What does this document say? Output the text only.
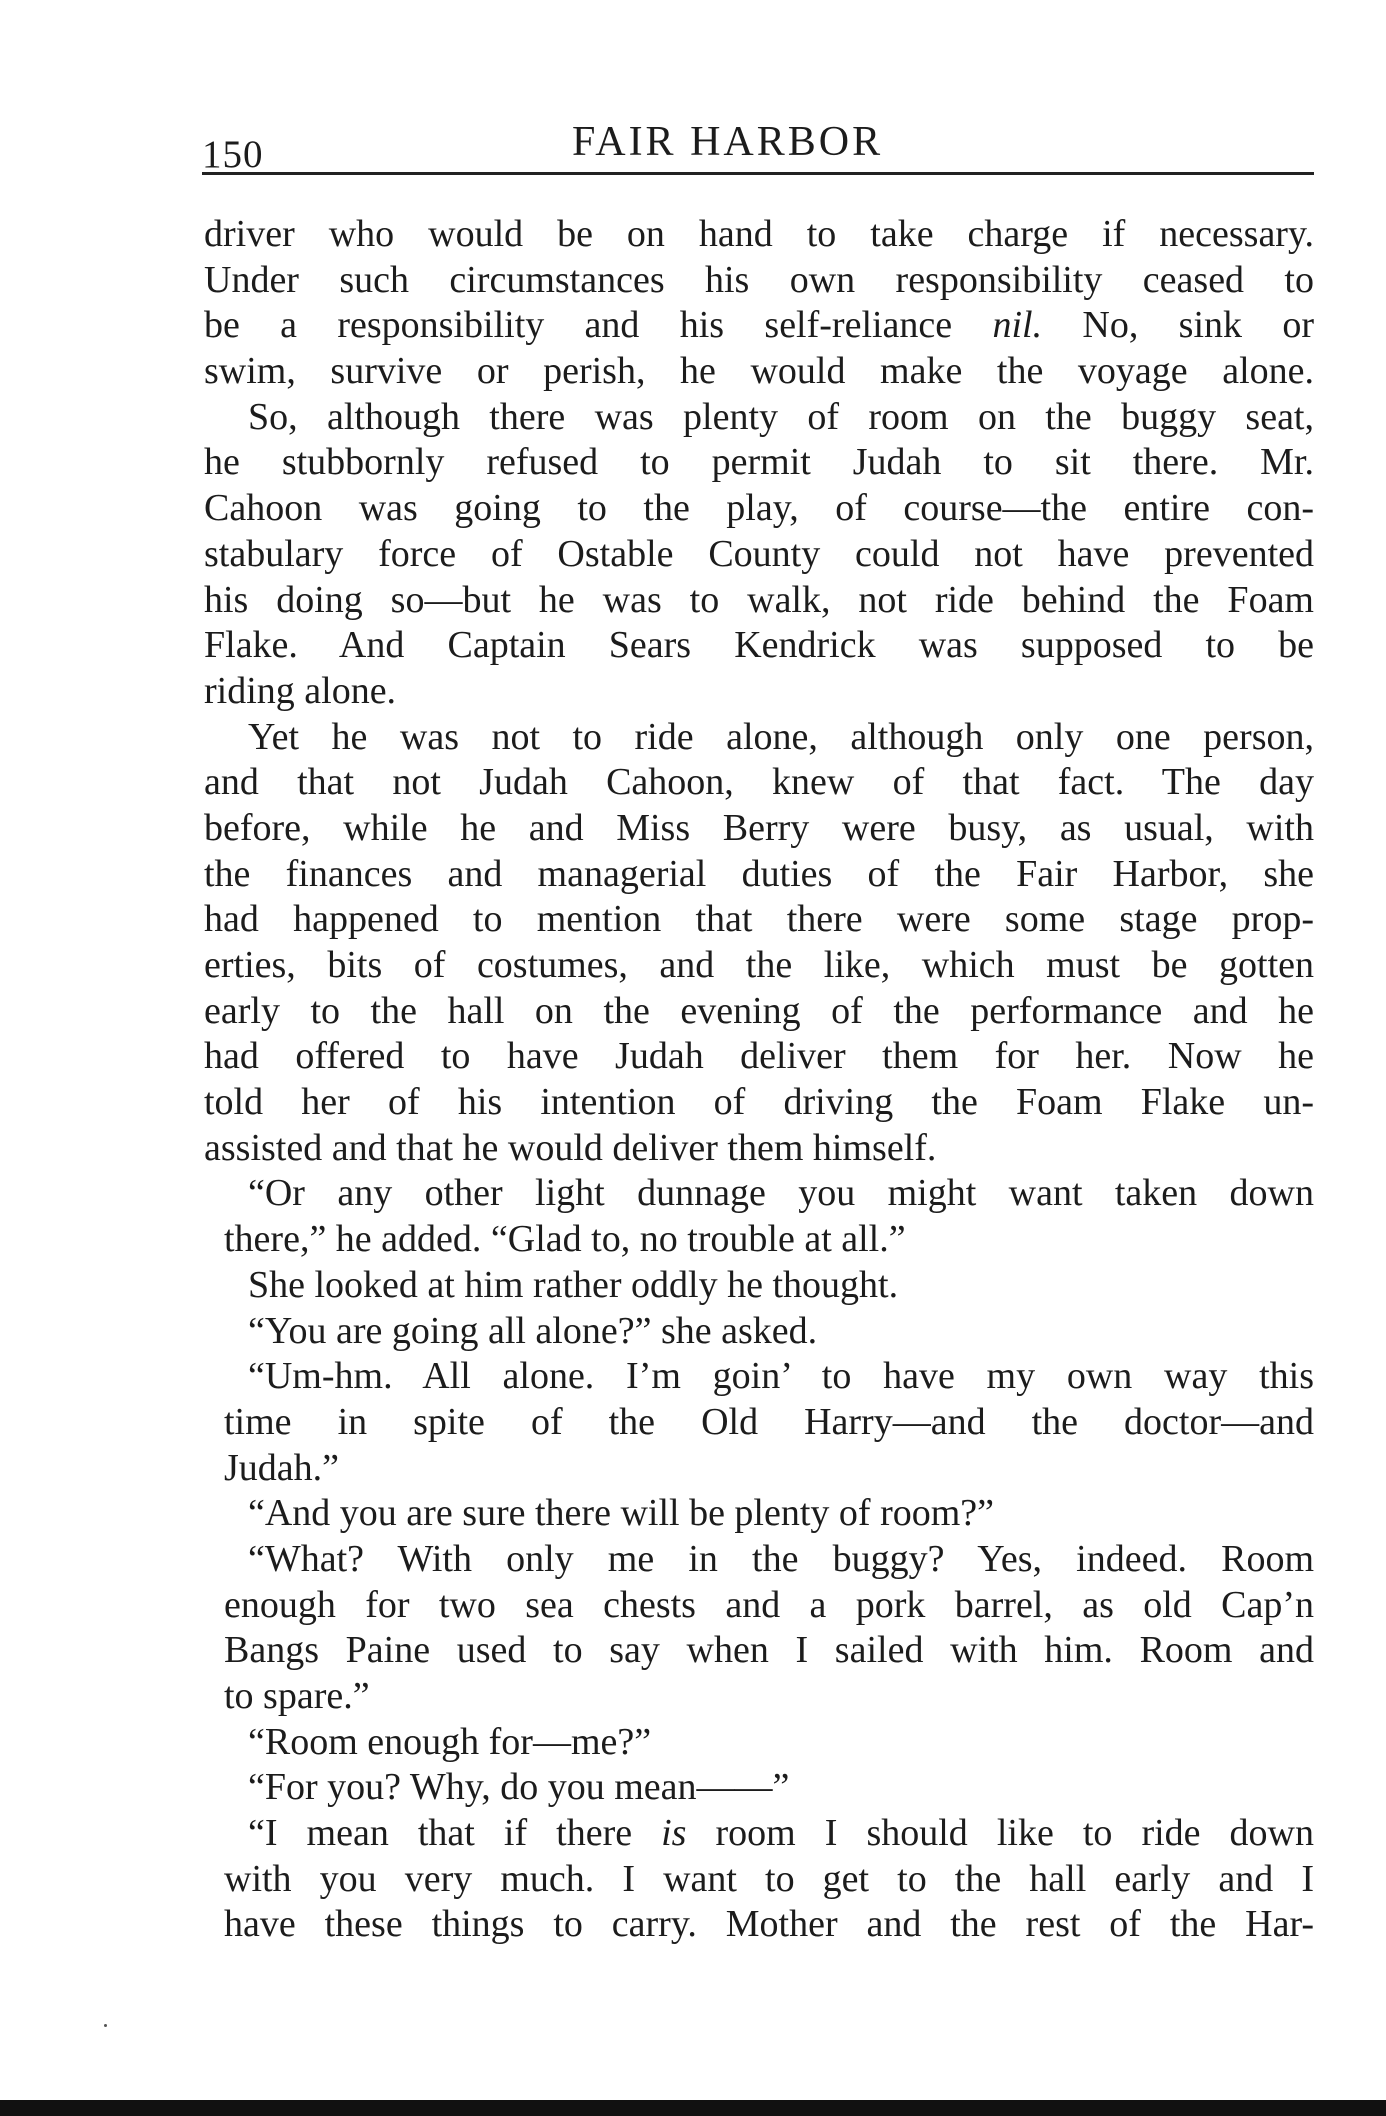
150	FAIR HARBOR
driver who would be on hand to take charge if necessary.
Under such circumstances his own responsibility ceased to
be a responsibility and his self-reliance nil. No, sink or
swim, survive or perish, he would make the voyage alone.
So, although there was plenty of room on the buggy seat,
he stubbornly refused to permit Judah to sit there. Mr.
Cahoon was going to the play, of course—the entire con-
stabulary force of Ostable County could not have prevented
his doing so—but he was to walk, not ride behind the Foam
Flake. And Captain Sears Kendrick was supposed to be
riding alone.
Yet he was not to ride alone, although only one person,
and that not Judah Cahoon, knew of that fact. The day
before, while he and Miss Berry were busy, as usual, with
the finances and managerial duties of the Fair Harbor, she
had happened to mention that there were some stage prop-
erties, bits of costumes, and the like, which must be gotten
early to the hall on the evening of the performance and he
had offered to have Judah deliver them for her. Now he
told her of his intention of driving the Foam Flake un-
assisted and that he would deliver them himself.
“Or any other light dunnage you might want taken down
there,” he added. “Glad to, no trouble at all.”
She looked at him rather oddly he thought.
“You are going all alone?” she asked.
“Um-hm. All alone. I’m goin’ to have my own way this
time in spite of the Old Harry—and the doctor—and
Judah.”
“And you are sure there will be plenty of room?”
“What? With only me in the buggy? Yes, indeed. Room
enough for two sea chests and a pork barrel, as old Cap’n
Bangs Paine used to say when I sailed with him. Room and
to spare.”
“Room enough for—me?”
“For you? Why, do you mean——”
“I mean that if there is room I should like to ride down
with you very much. I want to get to the hall early and I
have these things to carry. Mother and the rest of the Har-
